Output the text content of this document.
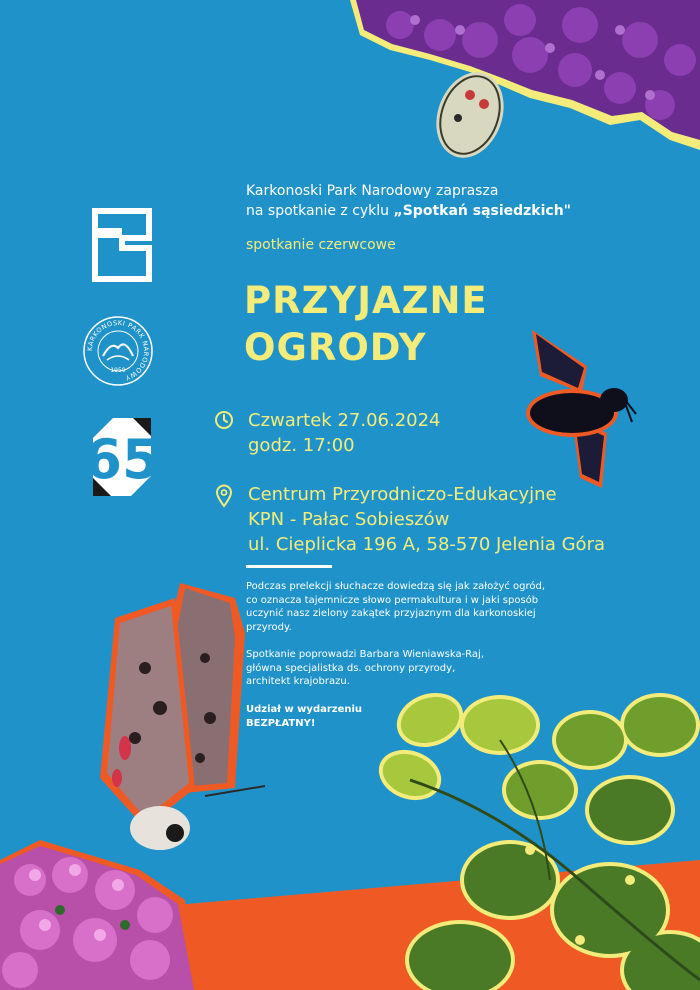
KARKONOSKI PARK NARODOWY
1959
65
Karkonoski Park Narodowy zaprasza
na spotkanie z cyklu „Spotkań sąsiedzkich"
spotkanie czerwcowe
PRZYJAZNE
OGRODY
Czwartek 27.06.2024
godz. 17:00
Centrum Przyrodniczo-Edukacyjne
KPN - Pałac Sobieszów
ul. Cieplicka 196 A, 58-570 Jelenia Góra
Podczas prelekcji słuchacze dowiedzą się jak założyć ogród,
co oznacza tajemnicze słowo permakultura i w jaki sposób
uczynić nasz zielony zakątek przyjaznym dla karkonoskiej
przyrody.
Spotkanie poprowadzi Barbara Wieniawska-Raj,
główna specjalistka ds. ochrony przyrody,
architekt krajobrazu.
Udział w wydarzeniu
BEZPŁATNY!
